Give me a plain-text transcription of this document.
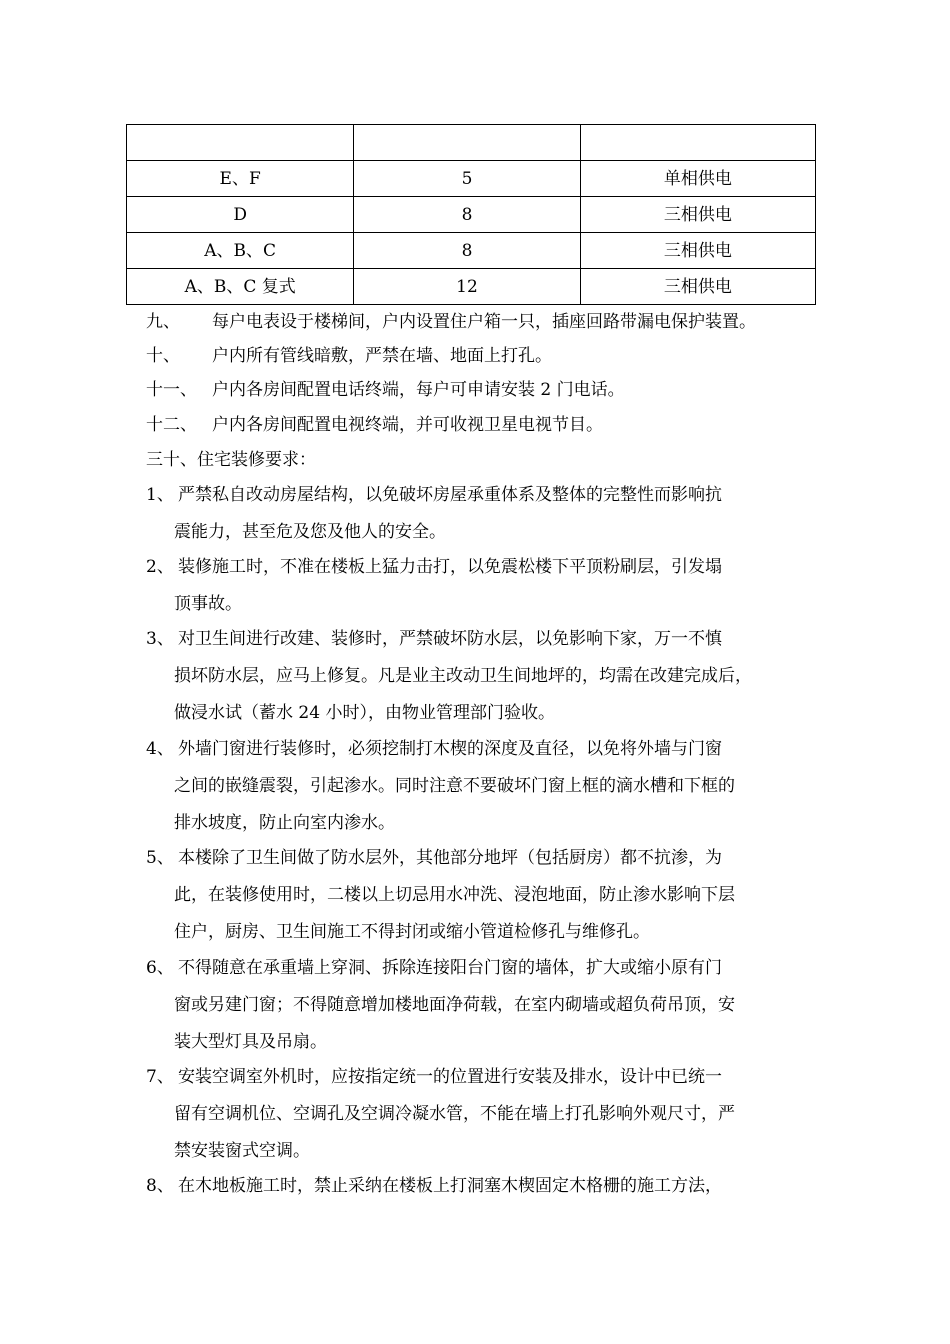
E、F	5	单相供电
D	8	三相供电
A、B、C	8	三相供电
A、B、C 复式	12	三相供电
九、 每户电表设于楼梯间，户内设置住户箱一只，插座回路带漏电保护装置。
十、 户内所有管线暗敷，严禁在墙、地面上打孔。
十一、 户内各房间配置电话终端，每户可申请安装 2 门电话。
十二、 户内各房间配置电视终端，并可收视卫星电视节目。
三十、住宅装修要求：
1、 严禁私自改动房屋结构，以免破坏房屋承重体系及整体的完整性而影响抗
震能力，甚至危及您及他人的安全。
2、 装修施工时，不准在楼板上猛力击打，以免震松楼下平顶粉刷层，引发塌
顶事故。
3、 对卫生间进行改建、装修时，严禁破坏防水层，以免影响下家，万一不慎
损坏防水层，应马上修复。凡是业主改动卫生间地坪的，均需在改建完成后，
做浸水试（蓄水 24 小时），由物业管理部门验收。
4、 外墙门窗进行装修时，必须挖制打木楔的深度及直径，以免将外墙与门窗
之间的嵌缝震裂，引起渗水。同时注意不要破坏门窗上框的滴水槽和下框的
排水坡度，防止向室内渗水。
5、 本楼除了卫生间做了防水层外，其他部分地坪（包括厨房）都不抗渗，为
此，在装修使用时，二楼以上切忌用水冲洗、浸泡地面，防止渗水影响下层
住户，厨房、卫生间施工不得封闭或缩小管道检修孔与维修孔。
6、 不得随意在承重墙上穿洞、拆除连接阳台门窗的墙体，扩大或缩小原有门
窗或另建门窗；不得随意增加楼地面净荷载，在室内砌墙或超负荷吊顶，安
装大型灯具及吊扇。
7、 安装空调室外机时，应按指定统一的位置进行安装及排水，设计中已统一
留有空调机位、空调孔及空调冷凝水管，不能在墙上打孔影响外观尺寸，严
禁安装窗式空调。
8、 在木地板施工时，禁止采纳在楼板上打洞塞木楔固定木格栅的施工方法，
